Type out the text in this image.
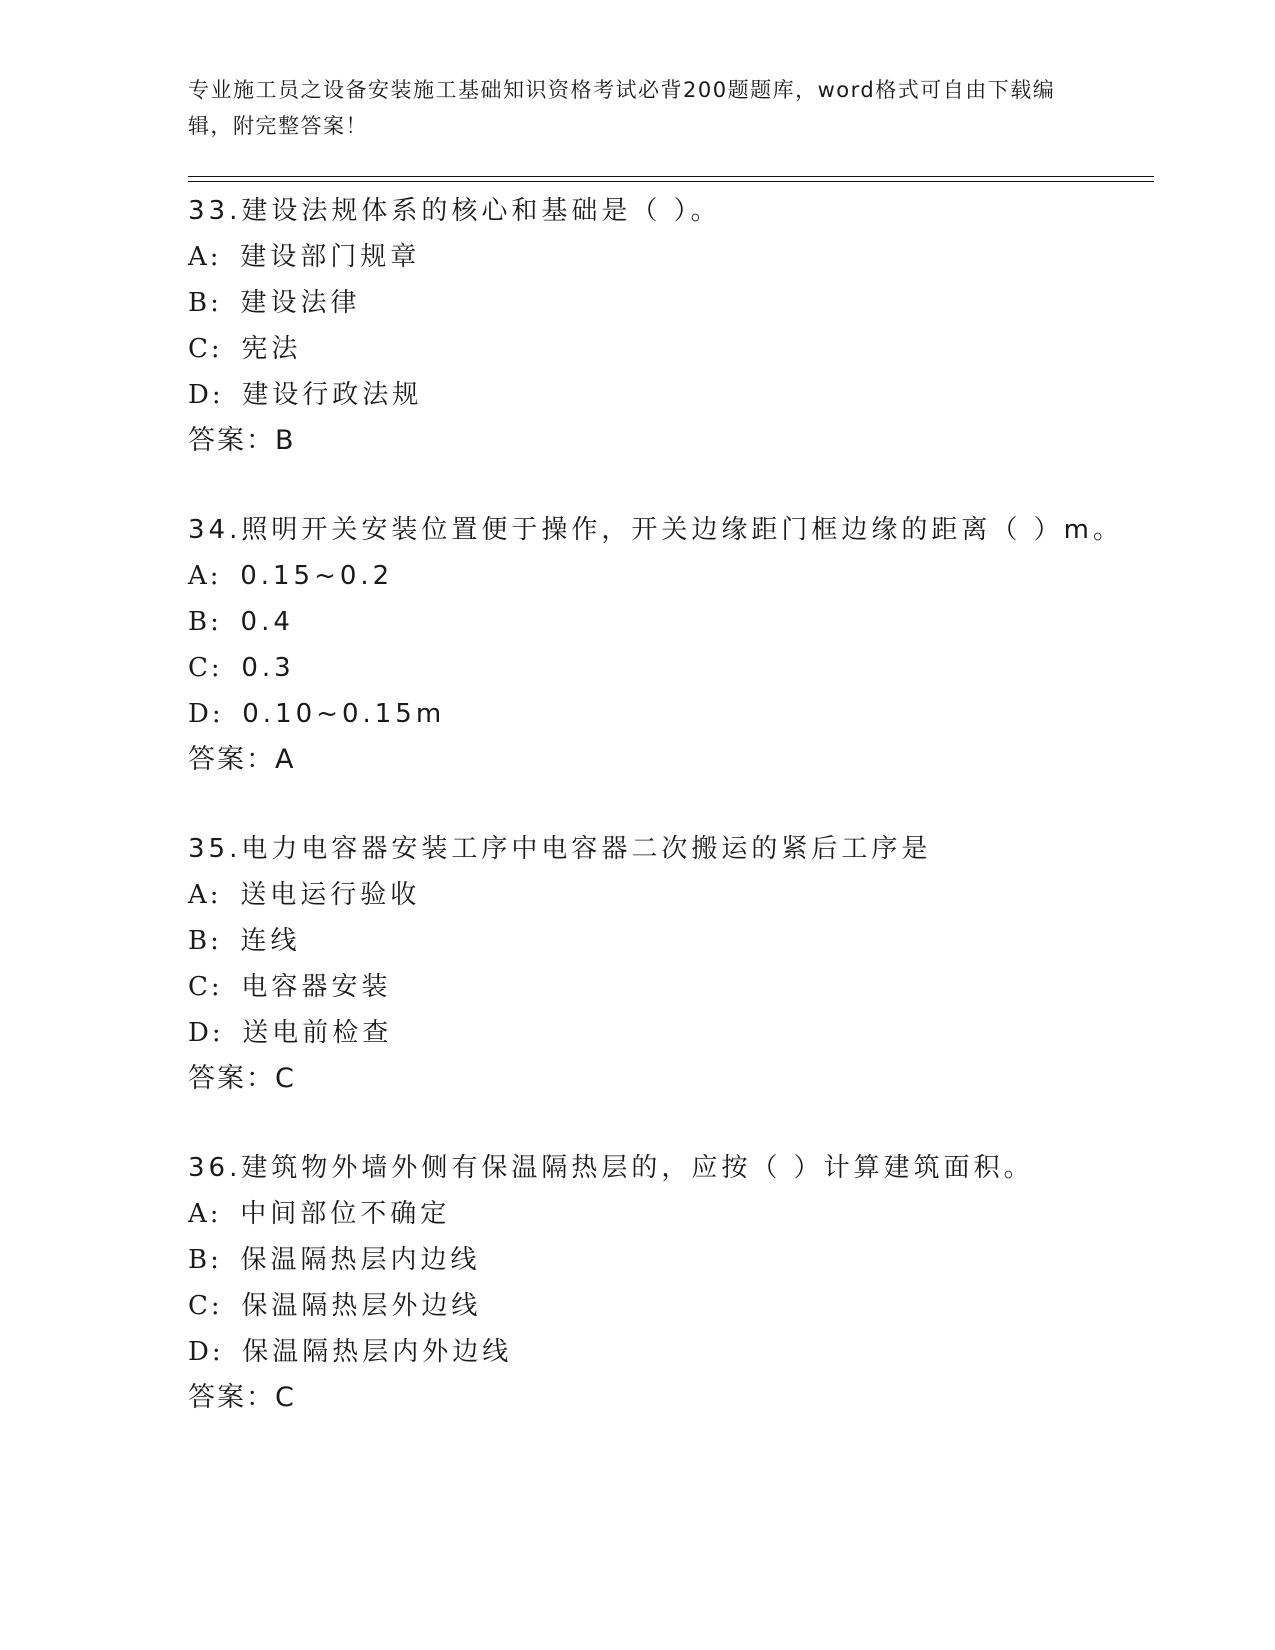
专业施工员之设备安装施工基础知识资格考试必背200题题库，word格式可自由下载编辑，附完整答案！
33.建设法规体系的核心和基础是（ ）。
A: 建设部门规章
B: 建设法律
C: 宪法
D: 建设行政法规
答案：B
34.照明开关安装位置便于操作，开关边缘距门框边缘的距离（ ）m。
A: 0.15~0.2
B: 0.4
C: 0.3
D: 0.10~0.15m
答案：A
35.电力电容器安装工序中电容器二次搬运的紧后工序是
A: 送电运行验收
B: 连线
C: 电容器安装
D: 送电前检查
答案：C
36.建筑物外墙外侧有保温隔热层的，应按（ ）计算建筑面积。
A: 中间部位不确定
B: 保温隔热层内边线
C: 保温隔热层外边线
D: 保温隔热层内外边线
答案：C
